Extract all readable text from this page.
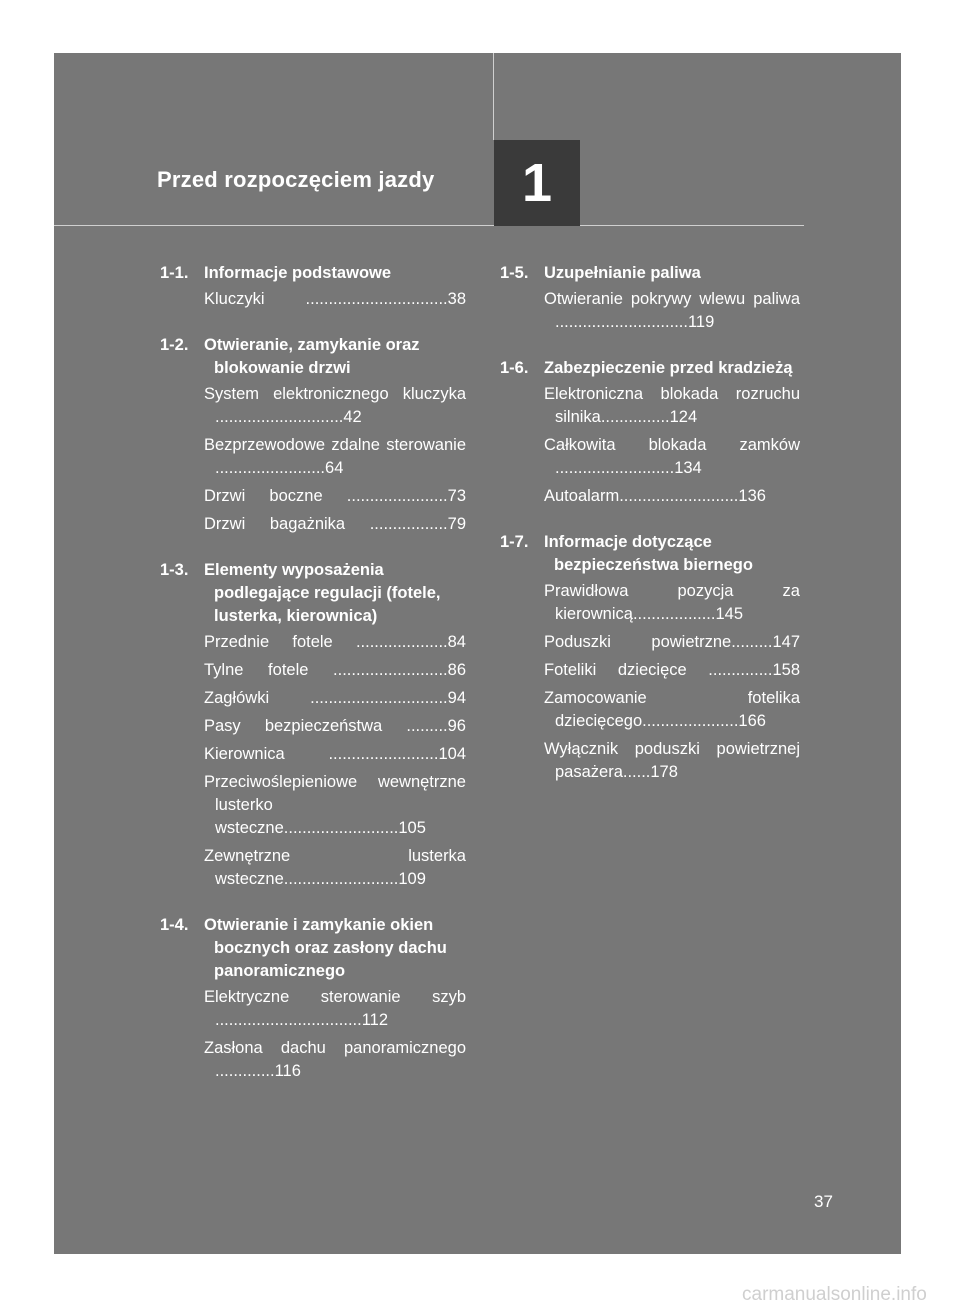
Przed rozpoczęciem jazdy 1
1-1. Informacje podstawowe
Kluczyki ...............................38
1-2. Otwieranie, zamykanie oraz blokowanie drzwi
System elektronicznego kluczyka ............................42
Bezprzewodowe zdalne sterowanie ........................64
Drzwi boczne ......................73
Drzwi bagażnika .................79
1-3. Elementy wyposażenia podlegające regulacji (fotele, lusterka, kierownica)
Przednie fotele ....................84
Tylne fotele .........................86
Zagłówki ..............................94
Pasy bezpieczeństwa .........96
Kierownica ........................104
Przeciwoślepieniowe wewnętrzne lusterko wsteczne.........................105
Zewnętrzne lusterka wsteczne.........................109
1-4. Otwieranie i zamykanie okien bocznych oraz zasłony dachu panoramicznego
Elektryczne sterowanie szyb ................................112
Zasłona dachu panoramicznego .............116
1-5. Uzupełnianie paliwa
Otwieranie pokrywy wlewu paliwa .............................119
1-6. Zabezpieczenie przed kradzieżą
Elektroniczna blokada rozruchu silnika...............124
Całkowita blokada zamków ..........................134
Autoalarm..........................136
1-7. Informacje dotyczące bezpieczeństwa biernego
Prawidłowa pozycja za kierownicą..................145
Poduszki powietrzne.........147
Foteliki dziecięce ..............158
Zamocowanie fotelika dziecięcego.....................166
Wyłącznik poduszki powietrznej pasażera......178
37
carmanualsonline.info
